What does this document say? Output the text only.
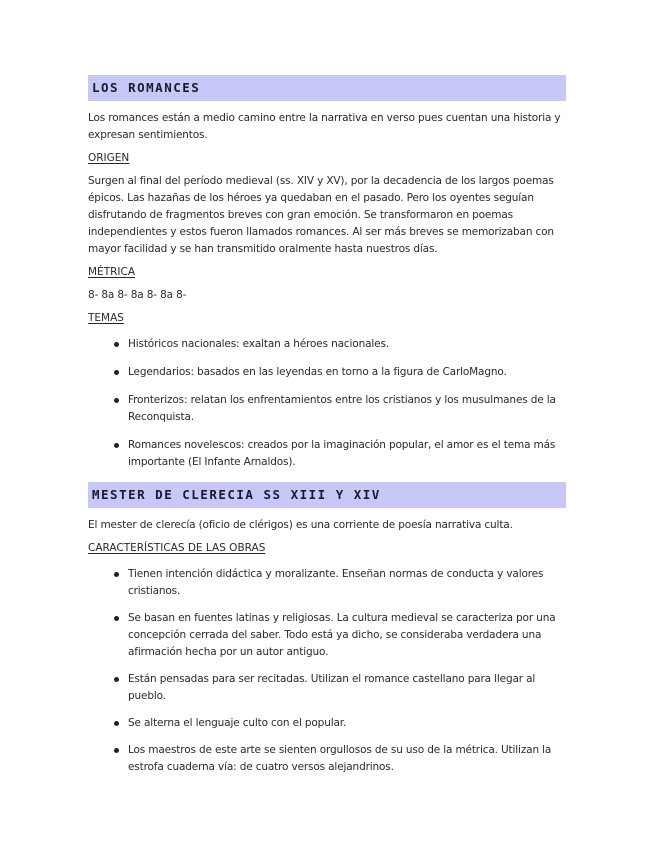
LOS ROMANCES

Los romances están a medio camino entre la narrativa en verso pues cuentan una historia y expresan sentimientos.

ORIGEN

Surgen al final del período medieval (ss. XIV y XV), por la decadencia de los largos poemas épicos. Las hazañas de los héroes ya quedaban en el pasado. Pero los oyentes seguían disfrutando de fragmentos breves con gran emoción. Se transformaron en poemas independientes y estos fueron llamados romances. Al ser más breves se memorizaban con mayor facilidad y se han transmitido oralmente hasta nuestros días.

MÉTRICA

8- 8a 8- 8a 8- 8a 8-

TEMAS
Históricos nacionales: exaltan a héroes nacionales.
Legendarios: basados en las leyendas en torno a la figura de CarloMagno.
Fronterizos: relatan los enfrentamientos entre los cristianos y los musulmanes de la Reconquista.
Romances novelescos: creados por la imaginación popular, el amor es el tema más importante (El Infante Arnaldos).
MESTER DE CLERECIA SS XIII Y XIV

El mester de clerecía (oficio de clérigos) es una corriente de poesía narrativa culta.

CARACTERÍSTICAS DE LAS OBRAS
Tienen intención didáctica y moralizante. Enseñan normas de conducta y valores cristianos.
Se basan en fuentes latinas y religiosas. La cultura medieval se caracteriza por una concepción cerrada del saber. Todo está ya dicho, se consideraba verdadera una afirmación hecha por un autor antiguo.
Están pensadas para ser recitadas. Utilizan el romance castellano para llegar al pueblo.
Se alterna el lenguaje culto con el popular.
Los maestros de este arte se sienten orgullosos de su uso de la métrica. Utilizan la estrofa cuaderna vía: de cuatro versos alejandrinos.
